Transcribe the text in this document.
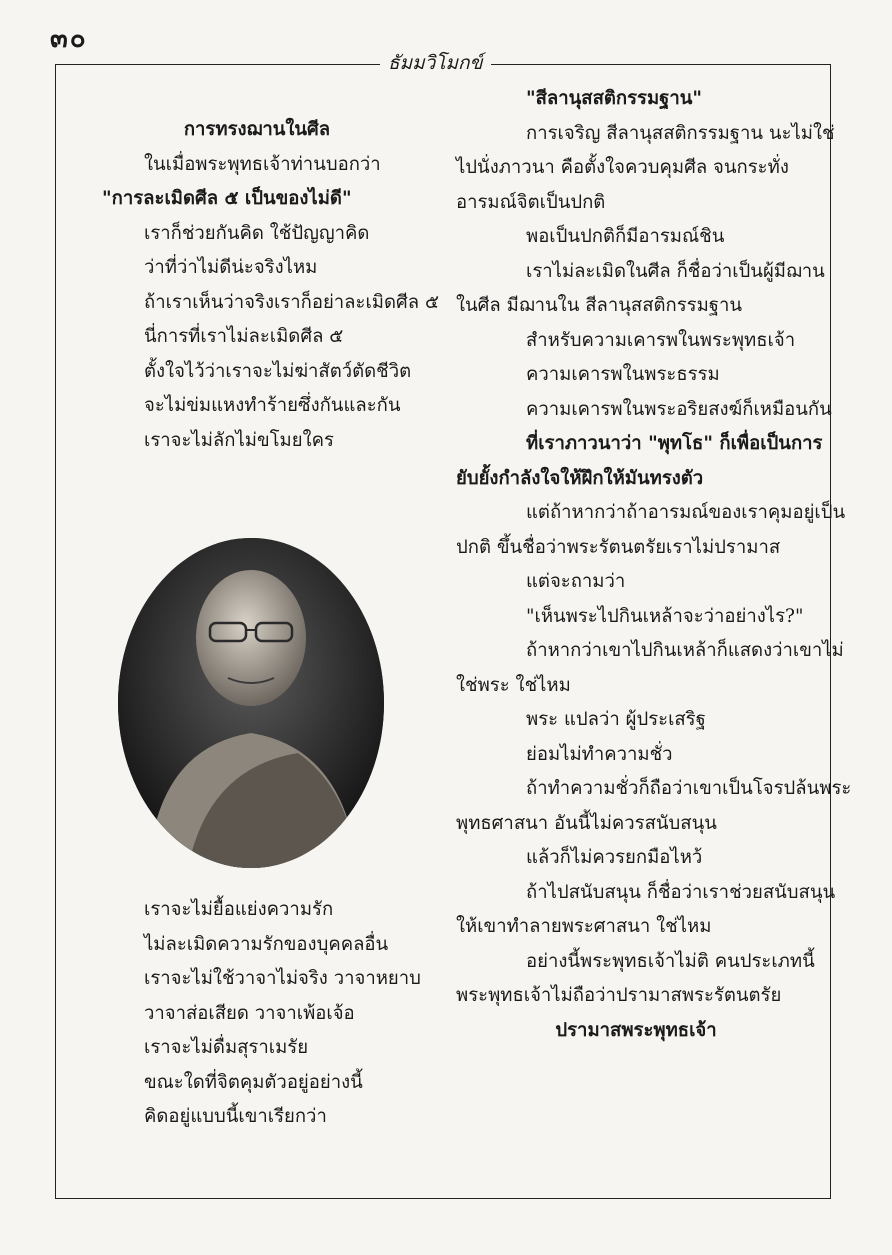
๓๐
ธัมมวิโมกข์

การทรงฌานในศีล

ในเมื่อพระพุทธเจ้าท่านบอกว่า

"การละเมิดศีล ๕ เป็นของไม่ดี"

เราก็ช่วยกันคิด ใช้ปัญญาคิด

ว่าที่ว่าไม่ดีน่ะจริงไหม

ถ้าเราเห็นว่าจริงเราก็อย่าละเมิดศีล ๕

นี่การที่เราไม่ละเมิดศีล ๕

ตั้งใจไว้ว่าเราจะไม่ฆ่าสัตว์ตัดชีวิต

จะไม่ข่มแหงทำร้ายซึ่งกันและกัน

เราจะไม่ลักไม่ขโมยใคร

เราจะไม่ยื้อแย่งความรัก

ไม่ละเมิดความรักของบุคคลอื่น

เราจะไม่ใช้วาจาไม่จริง วาจาหยาบ

วาจาส่อเสียด วาจาเพ้อเจ้อ

เราจะไม่ดื่มสุราเมรัย

ขณะใดที่จิตคุมตัวอยู่อย่างนี้

คิดอยู่แบบนี้เขาเรียกว่า

"สีลานุสสติกรรมฐาน"

การเจริญ สีลานุสสติกรรมฐาน นะไม่ใช่

ไปนั่งภาวนา คือตั้งใจควบคุมศีล จนกระทั่ง

อารมณ์จิตเป็นปกติ

พอเป็นปกติก็มีอารมณ์ชิน

เราไม่ละเมิดในศีล ก็ชื่อว่าเป็นผู้มีฌาน

ในศีล มีฌานใน สีลานุสสติกรรมฐาน

สำหรับความเคารพในพระพุทธเจ้า

ความเคารพในพระธรรม

ความเคารพในพระอริยสงฆ์ก็เหมือนกัน

ที่เราภาวนาว่า "พุทโธ" ก็เพื่อเป็นการ

ยับยั้งกำลังใจให้ฝึกให้มันทรงตัว

แต่ถ้าหากว่าถ้าอารมณ์ของเราคุมอยู่เป็น

ปกติ ขึ้นชื่อว่าพระรัตนตรัยเราไม่ปรามาส

แต่จะถามว่า

"เห็นพระไปกินเหล้าจะว่าอย่างไร?"

ถ้าหากว่าเขาไปกินเหล้าก็แสดงว่าเขาไม่

ใช่พระ ใช่ไหม

พระ แปลว่า ผู้ประเสริฐ

ย่อมไม่ทำความชั่ว

ถ้าทำความชั่วก็ถือว่าเขาเป็นโจรปล้นพระ

พุทธศาสนา อันนี้ไม่ควรสนับสนุน

แล้วก็ไม่ควรยกมือไหว้

ถ้าไปสนับสนุน ก็ชื่อว่าเราช่วยสนับสนุน

ให้เขาทำลายพระศาสนา ใช่ไหม

อย่างนี้พระพุทธเจ้าไม่ติ คนประเภทนี้

พระพุทธเจ้าไม่ถือว่าปรามาสพระรัตนตรัย

ปรามาสพระพุทธเจ้า
